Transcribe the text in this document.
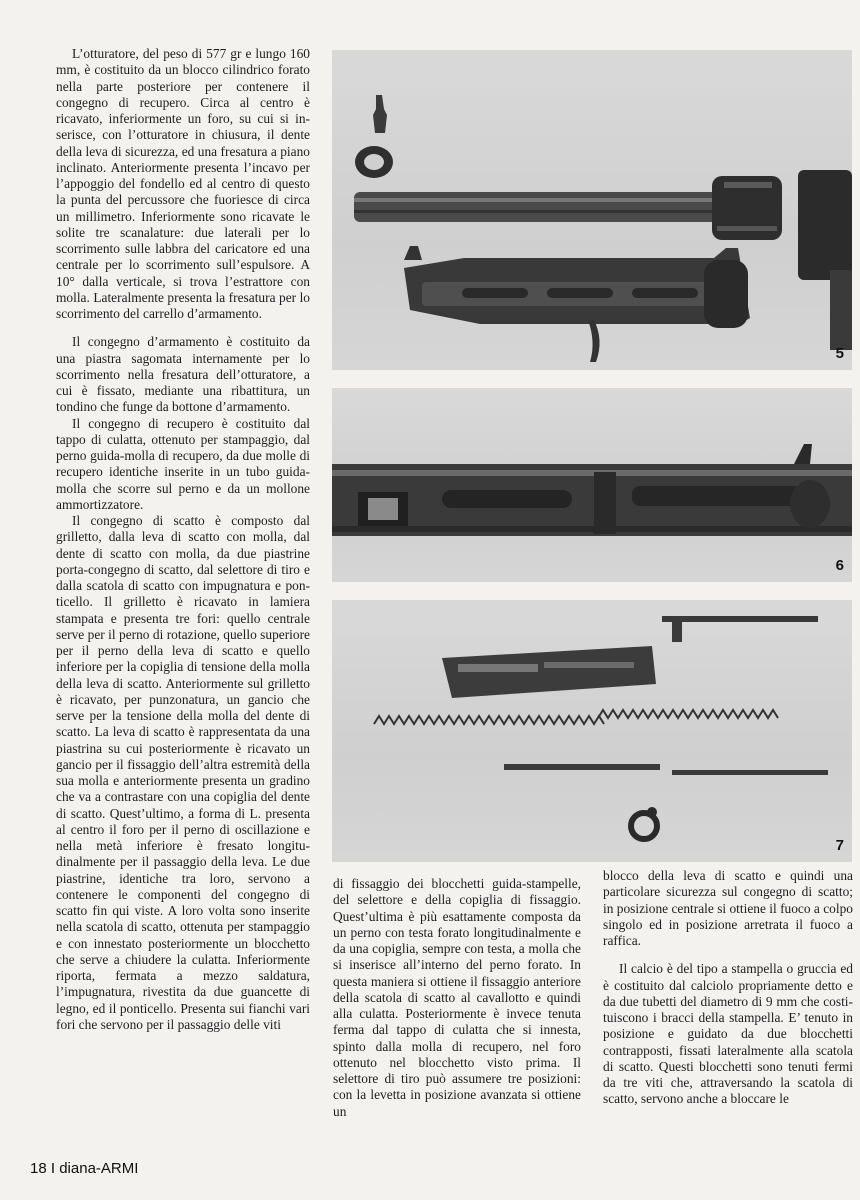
L’otturatore, del peso di 577 gr e lungo 160 mm, è costituito da un blocco cilindrico forato nella parte posteriore per contenere il congegno di recupero. Circa al centro è ricavato, inferiormente un foro, su cui si inserisce, con l’otturatore in chiusura, il dente della leva di sicurezza, ed una fresatura a piano inclinato. Anteriormente presenta l’incavo per l’appoggio del fondello ed al centro di questo la punta del percussore che fuoriesce di circa un millimetro. Inferiormente sono ricavate le solite tre scanalature: due laterali per lo scorrimento sulle labbra del caricatore ed una centrale per lo scorrimento sull’espulsore. A 10° dalla verticale, si trova l’estrattore con molla. Lateralmente presenta la fresatura per lo scorrimento del carrello d’armamento.

Il congegno d’armamento è costituito da una piastra sagomata internamente per lo scorrimento nella fresatura dell’otturatore, a cui è fissato, mediante una ribattitura, un tondino che funge da bottone d’armamento.

Il congegno di recupero è costituito dal tappo di culatta, ottenuto per stampaggio, dal perno guida-molla di recupero, da due molle di recupero identiche inserite in un tubo guidamolla che scorre sul perno e da un mollone ammortizzatore.

Il congegno di scatto è composto dal grilletto, dalla leva di scatto con molla, dal dente di scatto con molla, da due piastrine porta-congegno di scatto, dal selettore di tiro e dalla scatola di scatto con impugnatura e ponticello. Il grilletto è ricavato in lamiera stampata e presenta tre fori: quello centrale serve per il perno di rotazione, quello superiore per il perno della leva di scatto e quello inferiore per la copiglia di tensione della molla della leva di scatto. Anteriormente sul grilletto è ricavato, per punzonatura, un gancio che serve per la tensione della molla del dente di scatto. La leva di scatto è rappresentata da una piastrina su cui posteriormente è ricavato un gancio per il fissaggio dell’altra estremità della sua molla e anteriormente presenta un gradino che va a contrastare con una copiglia del dente di scatto. Quest’ultimo, a forma di L. presenta al centro il foro per il perno di oscillazione e nella metà inferiore è fresato longitudinalmente per il passaggio della leva. Le due piastrine, identiche tra loro, servono a contenere le componenti del congegno di scatto fin qui viste. A loro volta sono inserite nella scatola di scatto, ottenuta per stampaggio e con innestato posteriormente un blocchetto che serve a chiudere la culatta. Inferiormente riporta, fermata a mezzo saldatura, l’impugnatura, rivestita da due guancette di legno, ed il ponticello. Presenta sui fianchi vari fori che servono per il passaggio delle viti

5
6
7

di fissaggio dei blocchetti guida-stampelle, del selettore e della copiglia di fissaggio. Quest’ultima è più esattamente composta da un perno con testa forato longitudinalmente e da una copiglia, sempre con testa, a molla che si inserisce all’interno del perno forato. In questa maniera si ottiene il fissaggio anteriore della scatola di scatto al cavallotto e quindi alla culatta. Posteriormente è invece tenuta ferma dal tappo di culatta che si innesta, spinto dalla molla di recupero, nel foro ottenuto nel blocchetto visto prima. Il selettore di tiro può assumere tre posizioni: con la levetta in posizione avanzata si ottiene un

blocco della leva di scatto e quindi una particolare sicurezza sul congegno di scatto; in posizione centrale si ottiene il fuoco a colpo singolo ed in posizione arretrata il fuoco a raffica.

Il calcio è del tipo a stampella o gruccia ed è costituito dal calciolo propriamente detto e da due tubetti del diametro di 9 mm che costituiscono i bracci della stampella. E’ tenuto in posizione e guidato da due blocchetti contrapposti, fissati lateralmente alla scatola di scatto. Questi blocchetti sono tenuti fermi da tre viti che, attraversando la scatola di scatto, servono anche a bloccare le

18 I diana-ARMI
